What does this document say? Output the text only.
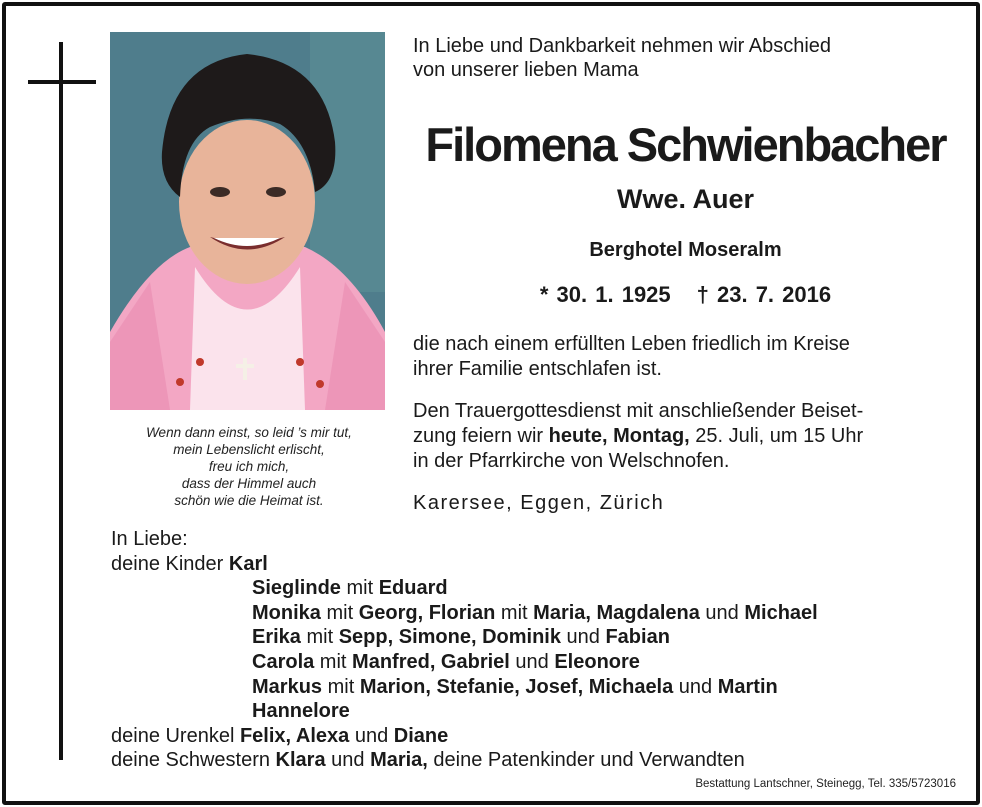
Wenn dann einst, so leid ’s mir tut,
mein Lebenslicht erlischt,
freu ich mich,
dass der Himmel auch
schön wie die Heimat ist.
In Liebe und Dankbarkeit nehmen wir Abschied
von unserer lieben Mama
Filomena Schwienbacher
Wwe. Auer
Berghotel Moseralm
* 30. 1. 1925 † 23. 7. 2016
die nach einem erfüllten Leben friedlich im Kreise
ihrer Familie entschlafen ist.
Den Trauergottesdienst mit anschließender Beiset-
zung feiern wir heute, Montag, 25. Juli, um 15 Uhr
in der Pfarrkirche von Welschnofen.
Karersee, Eggen, Zürich
In Liebe:
deine Kinder Karl
Sieglinde mit Eduard
Monika mit Georg, Florian mit Maria, Magdalena und Michael
Erika mit Sepp, Simone, Dominik und Fabian
Carola mit Manfred, Gabriel und Eleonore
Markus mit Marion, Stefanie, Josef, Michaela und Martin
Hannelore
deine Urenkel Felix, Alexa und Diane
deine Schwestern Klara und Maria, deine Patenkinder und Verwandten
Bestattung Lantschner, Steinegg, Tel. 335/5723016
